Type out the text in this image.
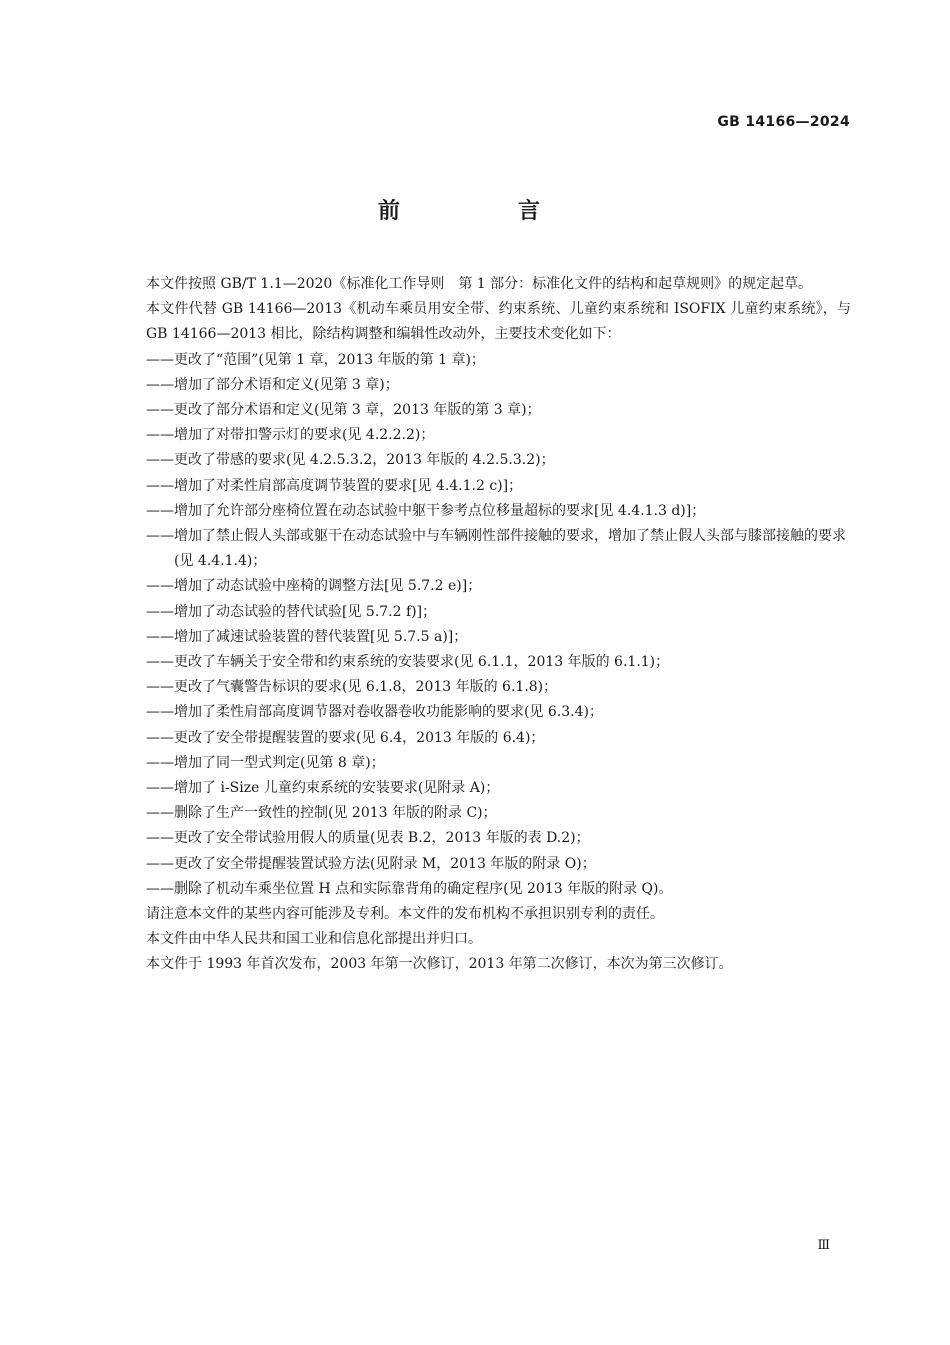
GB 14166—2024
前　言

本文件按照 GB/T 1.1—2020《标准化工作导则　第 1 部分：标准化文件的结构和起草规则》的规定起草。

本文件代替 GB 14166—2013《机动车乘员用安全带、约束系统、儿童约束系统和 ISOFIX 儿童约束系统》，与 GB 14166—2013 相比，除结构调整和编辑性改动外，主要技术变化如下：

——更改了“范围”(见第 1 章，2013 年版的第 1 章)；
——增加了部分术语和定义(见第 3 章)；
——更改了部分术语和定义(见第 3 章，2013 年版的第 3 章)；
——增加了对带扣警示灯的要求(见 4.2.2.2)；
——更改了带感的要求(见 4.2.5.3.2，2013 年版的 4.2.5.3.2)；
——增加了对柔性肩部高度调节装置的要求[见 4.4.1.2 c)]；
——增加了允许部分座椅位置在动态试验中躯干参考点位移量超标的要求[见 4.4.1.3 d)]；
——增加了禁止假人头部或躯干在动态试验中与车辆刚性部件接触的要求，增加了禁止假人头部与膝部接触的要求(见 4.4.1.4)；
——增加了动态试验中座椅的调整方法[见 5.7.2 e)]；
——增加了动态试验的替代试验[见 5.7.2 f)]；
——增加了减速试验装置的替代装置[见 5.7.5 a)]；
——更改了车辆关于安全带和约束系统的安装要求(见 6.1.1，2013 年版的 6.1.1)；
——更改了气囊警告标识的要求(见 6.1.8，2013 年版的 6.1.8)；
——增加了柔性肩部高度调节器对卷收器卷收功能影响的要求(见 6.3.4)；
——更改了安全带提醒装置的要求(见 6.4，2013 年版的 6.4)；
——增加了同一型式判定(见第 8 章)；
——增加了 i-Size 儿童约束系统的安装要求(见附录 A)；
——删除了生产一致性的控制(见 2013 年版的附录 C)；
——更改了安全带试验用假人的质量(见表 B.2，2013 年版的表 D.2)；
——更改了安全带提醒装置试验方法(见附录 M，2013 年版的附录 O)；
——删除了机动车乘坐位置 H 点和实际靠背角的确定程序(见 2013 年版的附录 Q)。

请注意本文件的某些内容可能涉及专利。本文件的发布机构不承担识别专利的责任。

本文件由中华人民共和国工业和信息化部提出并归口。

本文件于 1993 年首次发布，2003 年第一次修订，2013 年第二次修订，本次为第三次修订。

Ⅲ
